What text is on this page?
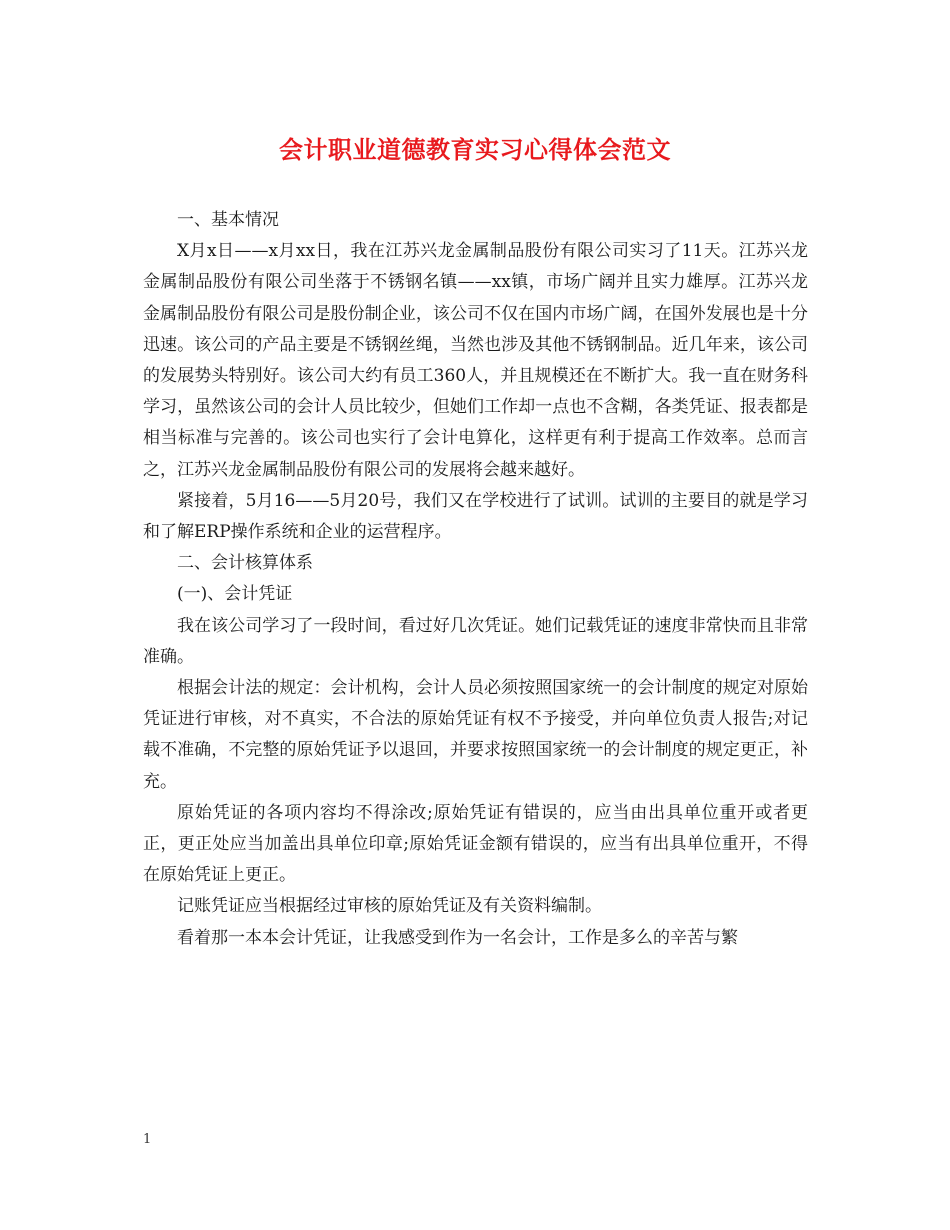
会计职业道德教育实习心得体会范文

一、基本情况

X月x日——x月xx日，我在江苏兴龙金属制品股份有限公司实习了11天。江苏兴龙金属制品股份有限公司坐落于不锈钢名镇——xx镇，市场广阔并且实力雄厚。江苏兴龙金属制品股份有限公司是股份制企业，该公司不仅在国内市场广阔，在国外发展也是十分迅速。该公司的产品主要是不锈钢丝绳，当然也涉及其他不锈钢制品。近几年来，该公司的发展势头特别好。该公司大约有员工360人，并且规模还在不断扩大。我一直在财务科学习，虽然该公司的会计人员比较少，但她们工作却一点也不含糊，各类凭证、报表都是相当标准与完善的。该公司也实行了会计电算化，这样更有利于提高工作效率。总而言之，江苏兴龙金属制品股份有限公司的发展将会越来越好。

紧接着，5月16——5月20号，我们又在学校进行了试训。试训的主要目的就是学习和了解ERP操作系统和企业的运营程序。

二、会计核算体系

(一)、会计凭证

我在该公司学习了一段时间，看过好几次凭证。她们记载凭证的速度非常快而且非常准确。

根据会计法的规定：会计机构，会计人员必须按照国家统一的会计制度的规定对原始凭证进行审核，对不真实，不合法的原始凭证有权不予接受，并向单位负责人报告;对记载不准确，不完整的原始凭证予以退回，并要求按照国家统一的会计制度的规定更正，补充。

原始凭证的各项内容均不得涂改;原始凭证有错误的，应当由出具单位重开或者更正，更正处应当加盖出具单位印章;原始凭证金额有错误的，应当有出具单位重开，不得在原始凭证上更正。

记账凭证应当根据经过审核的原始凭证及有关资料编制。

看着那一本本会计凭证，让我感受到作为一名会计，工作是多么的辛苦与繁

1
